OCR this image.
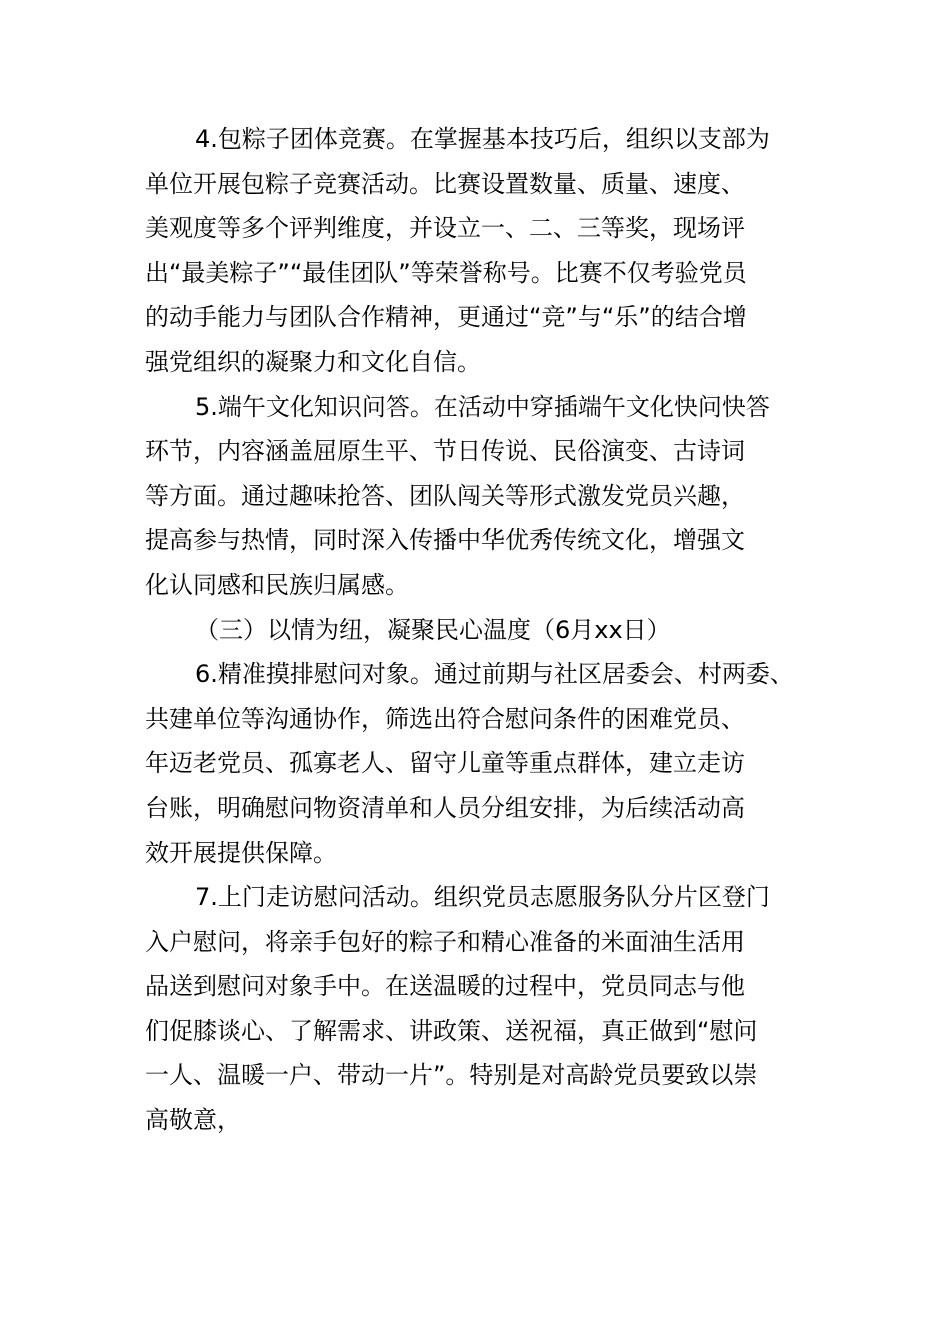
4.包粽子团体竞赛。在掌握基本技巧后，组织以支部为
单位开展包粽子竞赛活动。比赛设置数量、质量、速度、
美观度等多个评判维度，并设立一、二、三等奖，现场评
出“最美粽子”“最佳团队”等荣誉称号。比赛不仅考验党员
的动手能力与团队合作精神，更通过“竞”与“乐”的结合增
强党组织的凝聚力和文化自信。
5.端午文化知识问答。在活动中穿插端午文化快问快答
环节，内容涵盖屈原生平、节日传说、民俗演变、古诗词
等方面。通过趣味抢答、团队闯关等形式激发党员兴趣，
提高参与热情，同时深入传播中华优秀传统文化，增强文
化认同感和民族归属感。
（三）以情为纽，凝聚民心温度（6月xx日）
6.精准摸排慰问对象。通过前期与社区居委会、村两委、
共建单位等沟通协作，筛选出符合慰问条件的困难党员、
年迈老党员、孤寡老人、留守儿童等重点群体，建立走访
台账，明确慰问物资清单和人员分组安排，为后续活动高
效开展提供保障。
7.上门走访慰问活动。组织党员志愿服务队分片区登门
入户慰问，将亲手包好的粽子和精心准备的米面油生活用
品送到慰问对象手中。在送温暖的过程中，党员同志与他
们促膝谈心、了解需求、讲政策、送祝福，真正做到“慰问
一人、温暖一户、带动一片”。特别是对高龄党员要致以崇
高敬意，
